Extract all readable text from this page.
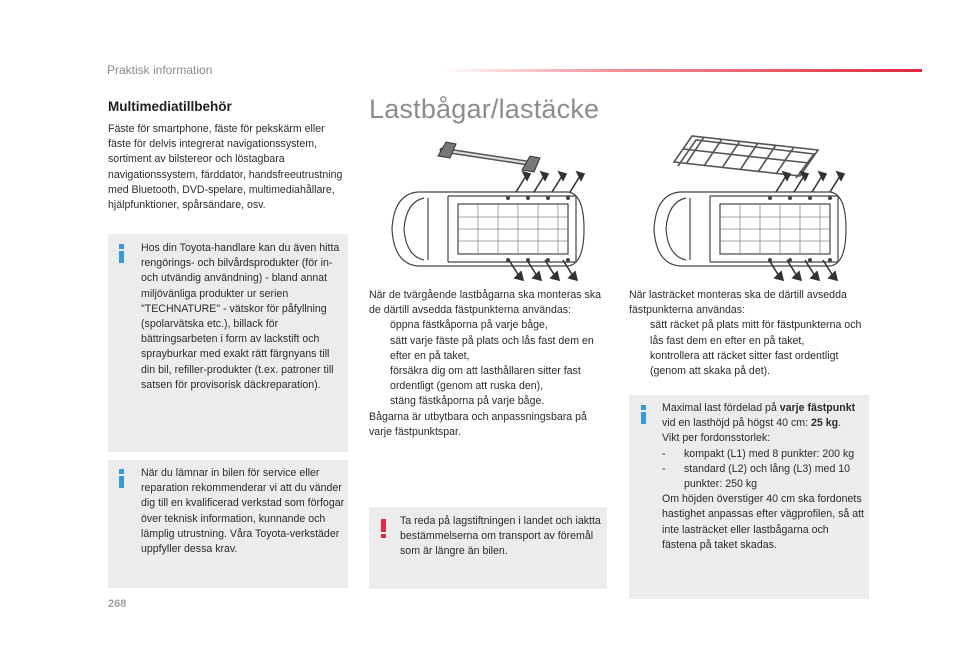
Praktisk information
Multimediatillbehör
Fäste för smartphone, fäste för pekskärm eller fäste för delvis integrerat navigationssystem, sortiment av bilstereor och löstagbara navigationssystem, färddator, handsfreeutrustning med Bluetooth, DVD-spelare, multimediahållare, hjälpfunktioner, spårsändare, osv.
Hos din Toyota-handlare kan du även hitta rengörings- och bilvårdsprodukter (för in- och utvändig användning) - bland annat miljövänliga produkter ur serien "TECHNATURE" - vätskor för påfyllning (spolarvätska etc.), billack för bättringsarbeten i form av lackstift och sprayburkar med exakt rätt färgnyans till din bil, refiller-produkter (t.ex. patroner till satsen för provisorisk däckreparation).
När du lämnar in bilen för service eller reparation rekommenderar vi att du vänder dig till en kvalificerad verkstad som förfogar över teknisk information, kunnande och lämplig utrustning. Våra Toyota-verkstäder uppfyller dessa krav.
Lastbågar/lastäcke
När de tvärgående lastbågarna ska monteras ska de därtill avsedda fästpunkterna användas:
öppna fästkåporna på varje båge,
sätt varje fäste på plats och lås fast dem en efter en på taket,
försäkra dig om att lasthållaren sitter fast ordentligt (genom att ruska den),
stäng fästkåporna på varje båge.
Bågarna är utbytbara och anpassningsbara på varje fästpunktspar.
Ta reda på lagstiftningen i landet och iaktta bestämmelserna om transport av föremål som är längre än bilen.
När lasträcket monteras ska de därtill avsedda fästpunkterna användas:
sätt räcket på plats mitt för fästpunkterna och lås fast dem en efter en på taket,
kontrollera att räcket sitter fast ordentligt (genom att skaka på det).
Maximal last fördelad på varje fästpunkt vid en lasthöjd på högst 40 cm: 25 kg.
Vikt per fordonsstorlek:
- kompakt (L1) med 8 punkter: 200 kg
- standard (L2) och lång (L3) med 10 punkter: 250 kg
Om höjden överstiger 40 cm ska fordonets hastighet anpassas efter vägprofilen, så att inte lasträcket eller lastbågarna och fästena på taket skadas.
268
